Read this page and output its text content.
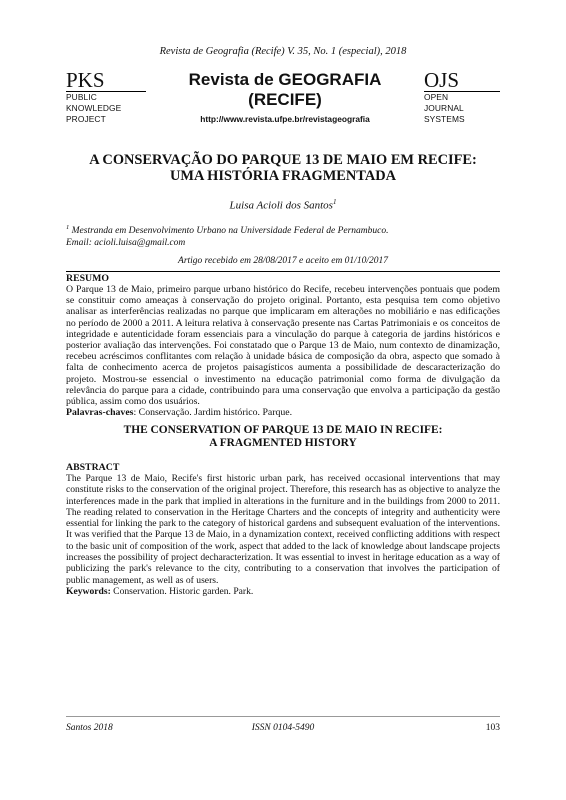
Revista de Geografia (Recife) V. 35, No. 1 (especial), 2018
PKS
PUBLIC
KNOWLEDGE
PROJECT
Revista de GEOGRAFIA
(RECIFE)
http://www.revista.ufpe.br/revistageografia
OJS
OPEN
JOURNAL
SYSTEMS
A CONSERVAÇÃO DO PARQUE 13 DE MAIO EM RECIFE:
UMA HISTÓRIA FRAGMENTADA
Luisa Acioli dos Santos$^1$
$^1$ Mestranda em Desenvolvimento Urbano na Universidade Federal de Pernambuco.
Email: acioli.luisa@gmail.com
Artigo recebido em 28/08/2017 e aceito em 01/10/2017
RESUMO
O Parque 13 de Maio, primeiro parque urbano histórico do Recife, recebeu intervenções pontuais que podem se constituir como ameaças à conservação do projeto original. Portanto, esta pesquisa tem como objetivo analisar as interferências realizadas no parque que implicaram em alterações no mobiliário e nas edificações no período de 2000 a 2011. A leitura relativa à conservação presente nas Cartas Patrimoniais e os conceitos de integridade e autenticidade foram essenciais para a vinculação do parque à categoria de jardins históricos e posterior avaliação das intervenções. Foi constatado que o Parque 13 de Maio, num contexto de dinamização, recebeu acréscimos conflitantes com relação à unidade básica de composição da obra, aspecto que somado à falta de conhecimento acerca de projetos paisagísticos aumenta a possibilidade de descaracterização do projeto. Mostrou-se essencial o investimento na educação patrimonial como forma de divulgação da relevância do parque para a cidade, contribuindo para uma conservação que envolva a participação da gestão pública, assim como dos usuários.
Palavras-chaves: Conservação. Jardim histórico. Parque.
THE CONSERVATION OF PARQUE 13 DE MAIO IN RECIFE:
A FRAGMENTED HISTORY
ABSTRACT
The Parque 13 de Maio, Recife's first historic urban park, has received occasional interventions that may constitute risks to the conservation of the original project. Therefore, this research has as objective to analyze the interferences made in the park that implied in alterations in the furniture and in the buildings from 2000 to 2011. The reading related to conservation in the Heritage Charters and the concepts of integrity and authenticity were essential for linking the park to the category of historical gardens and subsequent evaluation of the interventions. It was verified that the Parque 13 de Maio, in a dynamization context, received conflicting additions with respect to the basic unit of composition of the work, aspect that added to the lack of knowledge about landscape projects increases the possibility of project decharacterization. It was essential to invest in heritage education as a way of publicizing the park's relevance to the city, contributing to a conservation that involves the participation of public management, as well as of users.
Keywords: Conservation. Historic garden. Park.
Santos 2018	ISSN 0104-5490	103
